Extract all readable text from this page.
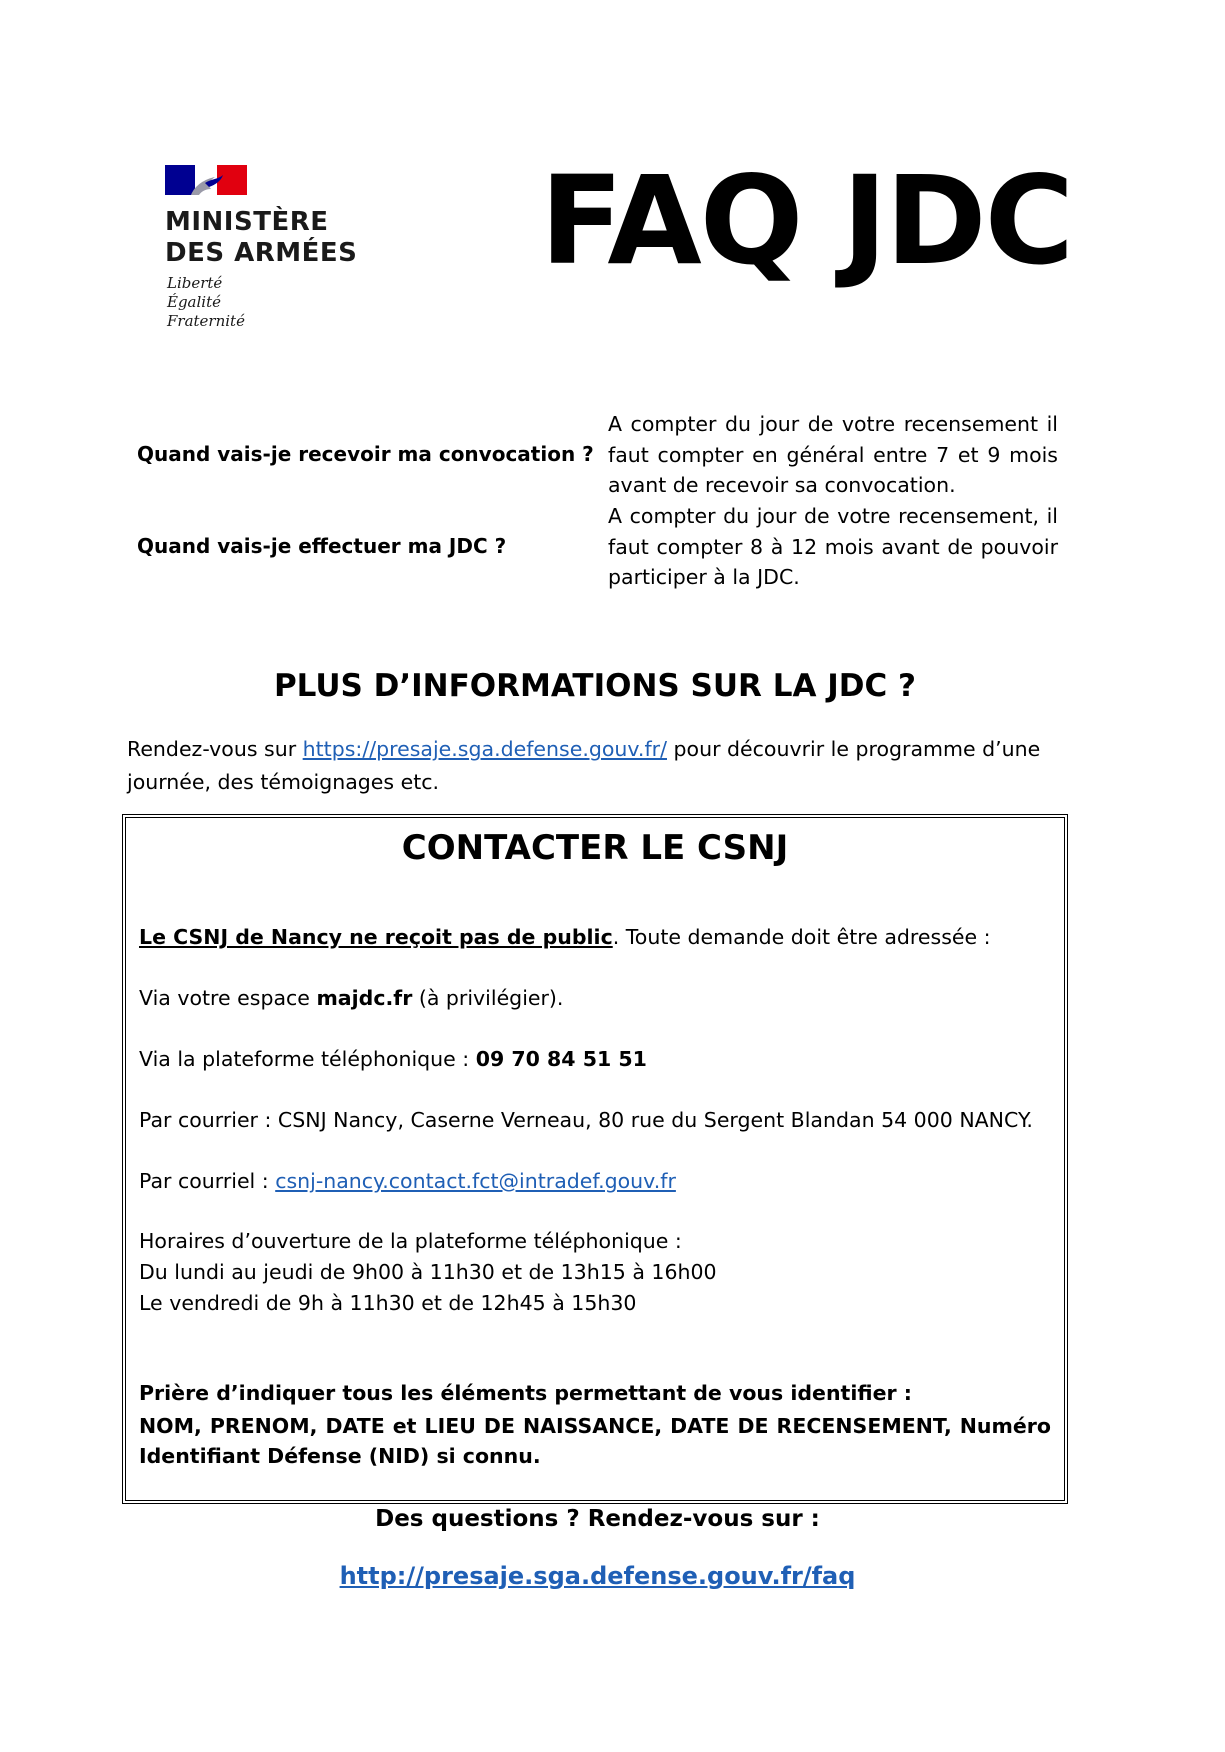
MINISTÈRE
DES ARMÉES
Liberté
Égalité
Fraternité
FAQ JDC
Quand vais-je recevoir ma convocation ?
A compter du jour de votre recensement il faut compter en général entre 7 et 9 mois avant de recevoir sa convocation.
Quand vais-je effectuer ma JDC ?
A compter du jour de votre recensement, il faut compter 8 à 12 mois avant de pouvoir participer à la JDC.
PLUS D’INFORMATIONS SUR LA JDC ?
Rendez-vous sur https://presaje.sga.defense.gouv.fr/ pour découvrir le programme d’une journée, des témoignages etc.
CONTACTER LE CSNJ
Le CSNJ de Nancy ne reçoit pas de public. Toute demande doit être adressée :
Via votre espace majdc.fr (à privilégier).
Via la plateforme téléphonique : 09 70 84 51 51
Par courrier : CSNJ Nancy, Caserne Verneau, 80 rue du Sergent Blandan 54 000 NANCY.
Par courriel : csnj-nancy.contact.fct@intradef.gouv.fr
Horaires d’ouverture de la plateforme téléphonique :
Du lundi au jeudi de 9h00 à 11h30 et de 13h15 à 16h00
Le vendredi de 9h à 11h30 et de 12h45 à 15h30
Prière d’indiquer tous les éléments permettant de vous identifier :
NOM, PRENOM, DATE et LIEU DE NAISSANCE, DATE DE RECENSEMENT, Numéro Identifiant Défense (NID) si connu.
Des questions ? Rendez-vous sur :
http://presaje.sga.defense.gouv.fr/faq
